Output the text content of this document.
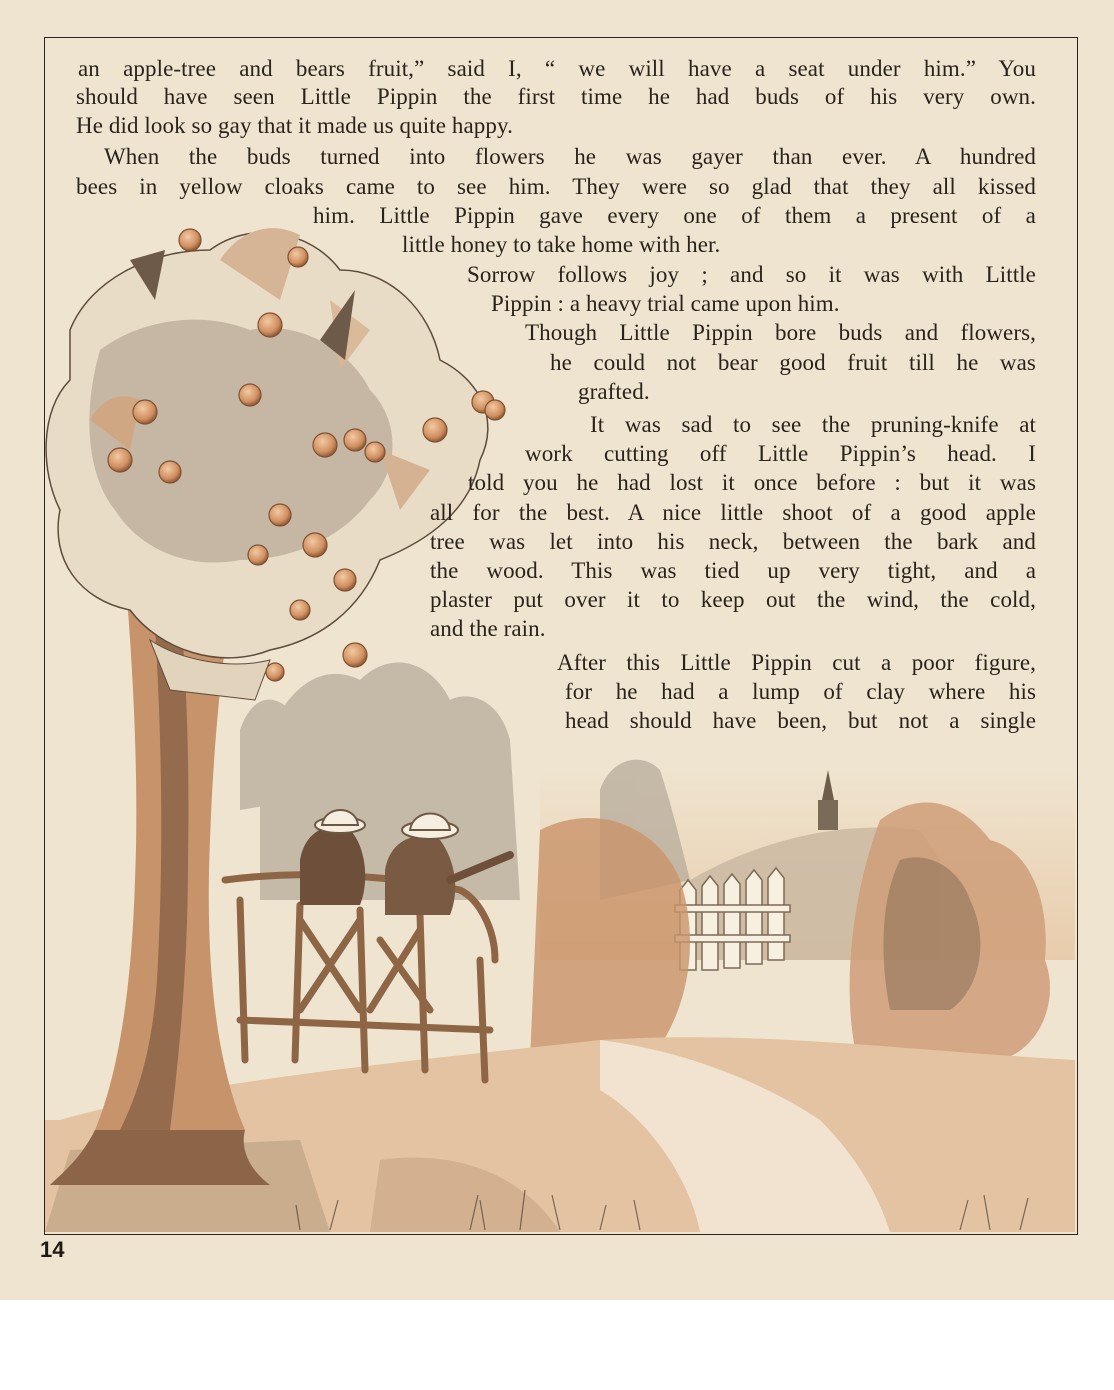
an apple-tree and bears fruit,” said I, “ we will have a seat under him.” You

should have seen Little Pippin the first time he had buds of his very own.

He did look so gay that it made us quite happy.

When the buds turned into flowers he was gayer than ever. A hundred

bees in yellow cloaks came to see him. They were so glad that they all kissed

him. Little Pippin gave every one of them a present of a

little honey to take home with her.

Sorrow follows joy ; and so it was with Little

Pippin : a heavy trial came upon him.

Though Little Pippin bore buds and flowers,

he could not bear good fruit till he was

grafted.

It was sad to see the pruning-knife at

work cutting off Little Pippin’s head. I

told you he had lost it once before : but it was

all for the best. A nice little shoot of a good apple

tree was let into his neck, between the bark and

the wood. This was tied up very tight, and a

plaster put over it to keep out the wind, the cold,

and the rain.

After this Little Pippin cut a poor figure,

for he had a lump of clay where his

head should have been, but not a single

14
